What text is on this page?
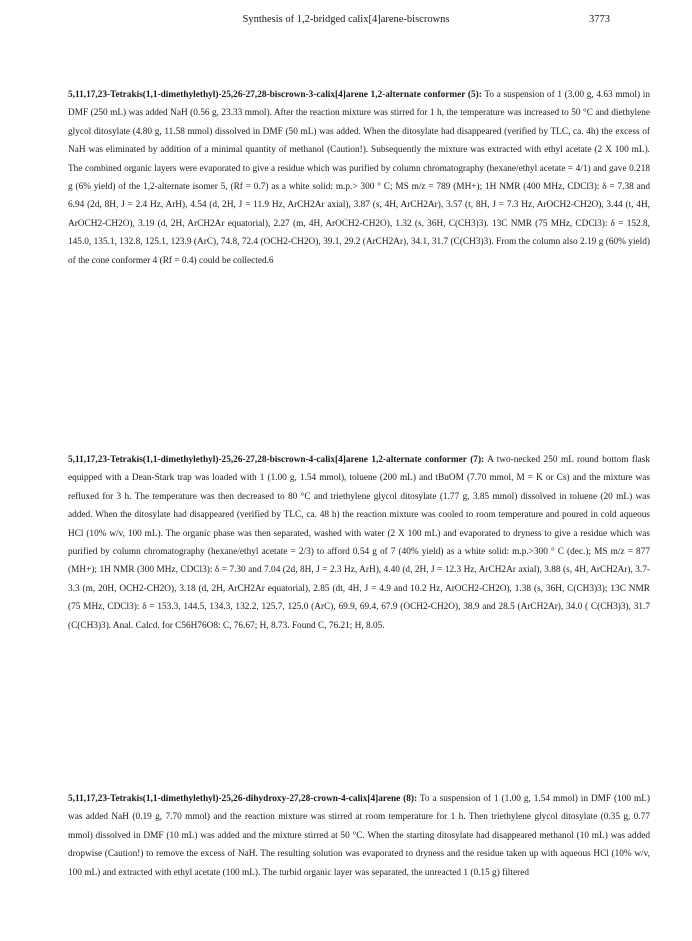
Synthesis of 1,2-bridged calix[4]arene-biscrowns	3773

5,11,17,23-Tetrakis(1,1-dimethylethyl)-25,26-27,28-biscrown-3-calix[4]arene 1,2-alternate conformer (5): To a suspension of 1 (3.00 g, 4.63 mmol) in DMF (250 mL) was added NaH (0.56 g, 23.33 mmol). After the reaction mixture was stirred for 1 h, the temperature was increased to 50 °C and diethylene glycol ditosylate (4.80 g, 11.58 mmol) dissolved in DMF (50 mL) was added. When the ditosylate had disappeared (verified by TLC, ca. 4h) the excess of NaH was eliminated by addition of a minimal quantity of methanol (Caution!). Subsequently the mixture was extracted with ethyl acetate (2 X 100 mL). The combined organic layers were evaporated to give a residue which was purified by column chromatography (hexane/ethyl acetate = 4/1) and gave 0.218 g (6% yield) of the 1,2-alternate isomer 5, (Rf = 0.7) as a white solid: m.p.> 300 ° C; MS m/z = 789 (MH+); 1H NMR (400 MHz, CDCl3): δ = 7.38 and 6.94 (2d, 8H, J = 2.4 Hz, ArH), 4.54 (d, 2H, J = 11.9 Hz, ArCH2Ar axial), 3.87 (s, 4H, ArCH2Ar), 3.57 (t, 8H, J = 7.3 Hz, ArOCH2-CH2O), 3.44 (t, 4H, ArOCH2-CH2O), 3.19 (d, 2H, ArCH2Ar equatorial), 2.27 (m, 4H, ArOCH2-CH2O), 1.32 (s, 36H, C(CH3)3). 13C NMR (75 MHz, CDCl3): δ = 152.8, 145.0, 135.1, 132.8, 125.1, 123.9 (ArC), 74.8, 72.4 (OCH2-CH2O), 39.1, 29.2 (ArCH2Ar), 34.1, 31.7 (C(CH3)3). From the column also 2.19 g (60% yield) of the cone conformer 4 (Rf = 0.4) could be collected.6

5,11,17,23-Tetrakis(1,1-dimethylethyl)-25,26-27,28-biscrown-4-calix[4]arene 1,2-alternate conformer (7): A two-necked 250 mL round bottom flask equipped with a Dean-Stark trap was loaded with 1 (1.00 g, 1.54 mmol), toluene (200 mL) and tBuOM (7.70 mmol, M = K or Cs) and the mixture was refluxed for 3 h. The temperature was then decreased to 80 °C and triethylene glycol ditosylate (1.77 g, 3.85 mmol) dissolved in toluene (20 mL) was added. When the ditosylate had disappeared (verified by TLC, ca. 48 h) the reaction mixture was cooled to room temperature and poured in cold aqueous HCl (10% w/v, 100 mL). The organic phase was then separated, washed with water (2 X 100 mL) and evaporated to dryness to give a residue which was purified by column chromatography (hexane/ethyl acetate = 2/3) to afford 0.54 g of 7 (40% yield) as a white solid: m.p.>300 ° C (dec.); MS m/z = 877 (MH+); 1H NMR (300 MHz, CDCl3): δ = 7.30 and 7.04 (2d, 8H, J = 2.3 Hz, ArH), 4.40 (d, 2H, J = 12.3 Hz, ArCH2Ar axial), 3.88 (s, 4H, ArCH2Ar), 3.7-3.3 (m, 20H, OCH2-CH2O), 3.18 (d, 2H, ArCH2Ar equatorial), 2.85 (dt, 4H, J = 4.9 and 10.2 Hz, ArOCH2-CH2O), 1.38 (s, 36H, C(CH3)3); 13C NMR (75 MHz, CDCl3): δ = 153.3, 144.5, 134.3, 132.2, 125.7, 125.0 (ArC), 69.9, 69.4, 67.9 (OCH2-CH2O), 38.9 and 28.5 (ArCH2Ar), 34.0 ( C(CH3)3), 31.7 (C(CH3)3). Anal. Calcd. for C56H76O8: C, 76.67; H, 8.73. Found C, 76.21; H, 8.05.

5,11,17,23-Tetrakis(1,1-dimethylethyl)-25,26-dihydroxy-27,28-crown-4-calix[4]arene (8): To a suspension of 1 (1.00 g, 1.54 mmol) in DMF (100 mL) was added NaH (0.19 g, 7.70 mmol) and the reaction mixture was stirred at room temperature for 1 h. Then triethylene glycol ditosylate (0.35 g, 0.77 mmol) dissolved in DMF (10 mL) was added and the mixture stirred at 50 °C. When the starting ditosylate had disappeared methanol (10 mL) was added dropwise (Caution!) to remove the excess of NaH. The resulting solution was evaporated to dryness and the residue taken up with aqueous HCl (10% w/v, 100 mL) and extracted with ethyl acetate (100 mL). The turbid organic layer was separated, the unreacted 1 (0.15 g) filtered
